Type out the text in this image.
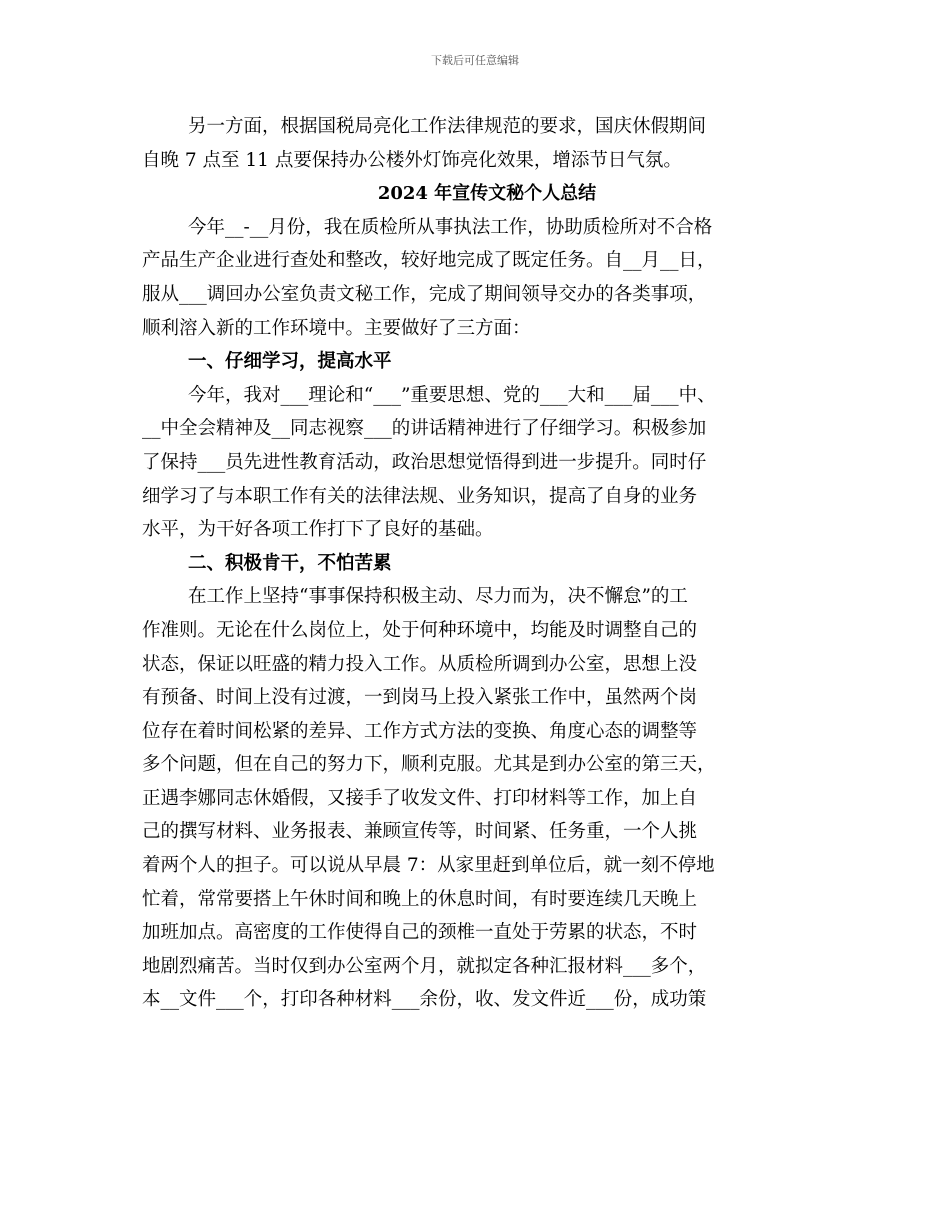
下载后可任意编辑

另一方面，根据国税局亮化工作法律规范的要求，国庆休假期间
自晚 7 点至 11 点要保持办公楼外灯饰亮化效果，增添节日气氛。

2024 年宣传文秘个人总结

今年__-__月份，我在质检所从事执法工作，协助质检所对不合格
产品生产企业进行查处和整改，较好地完成了既定任务。自__月__日，
服从___调回办公室负责文秘工作，完成了期间领导交办的各类事项，
顺利溶入新的工作环境中。主要做好了三方面：

一、仔细学习，提高水平

今年，我对___理论和“___”重要思想、党的___大和___届___中、
__中全会精神及__同志视察___的讲话精神进行了仔细学习。积极参加
了保持___员先进性教育活动，政治思想觉悟得到进一步提升。同时仔
细学习了与本职工作有关的法律法规、业务知识，提高了自身的业务
水平，为干好各项工作打下了良好的基础。

二、积极肯干，不怕苦累

在工作上坚持“事事保持积极主动、尽力而为，决不懈怠”的工
作准则。无论在什么岗位上，处于何种环境中，均能及时调整自己的
状态，保证以旺盛的精力投入工作。从质检所调到办公室，思想上没
有预备、时间上没有过渡，一到岗马上投入紧张工作中，虽然两个岗
位存在着时间松紧的差异、工作方式方法的变换、角度心态的调整等
多个问题，但在自己的努力下，顺利克服。尤其是到办公室的第三天，
正遇李娜同志休婚假，又接手了收发文件、打印材料等工作，加上自
己的撰写材料、业务报表、兼顾宣传等，时间紧、任务重，一个人挑
着两个人的担子。可以说从早晨 7：从家里赶到单位后，就一刻不停地
忙着，常常要搭上午休时间和晚上的休息时间，有时要连续几天晚上
加班加点。高密度的工作使得自己的颈椎一直处于劳累的状态，不时
地剧烈痛苦。当时仅到办公室两个月，就拟定各种汇报材料___多个，
本__文件___个，打印各种材料___余份，收、发文件近___份，成功策
